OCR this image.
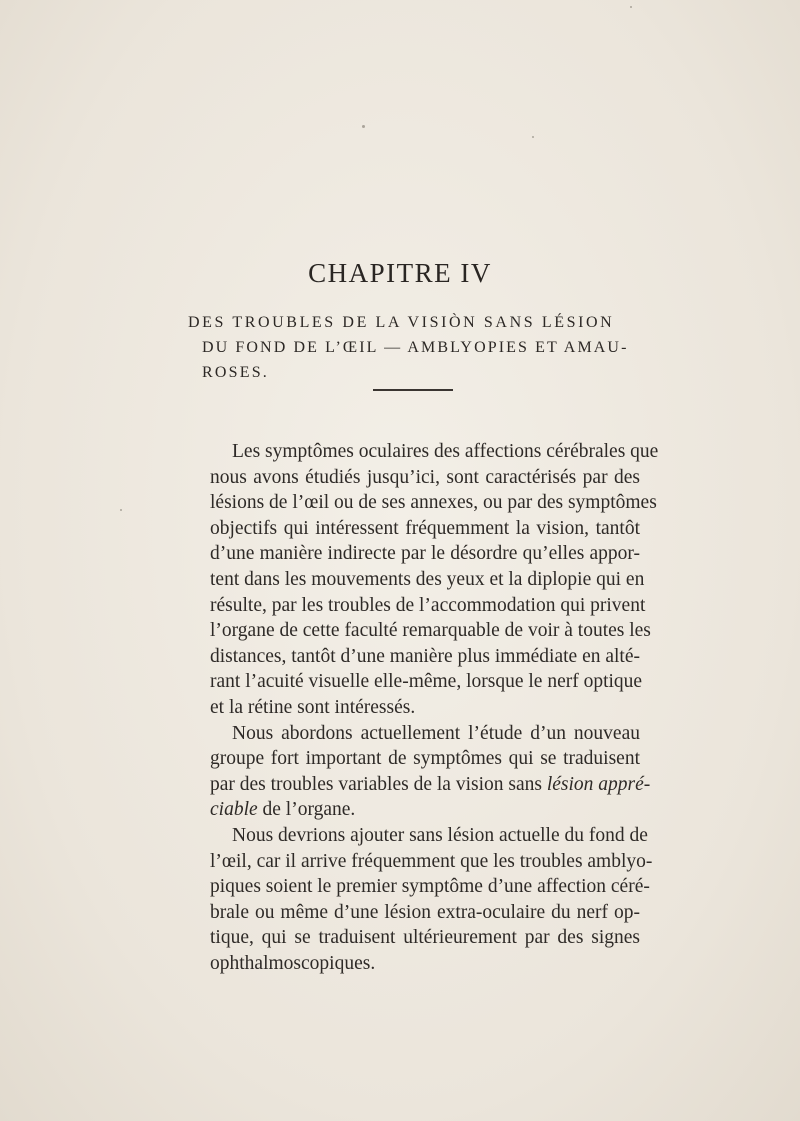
CHAPITRE IV
DES TROUBLES DE LA VISIÒN SANS LÉSION
DU FOND DE L’ŒIL — AMBLYOPIES ET AMAU-
ROSES.

Les symptômes oculaires des affections cérébrales que
nous avons étudiés jusqu’ici, sont caractérisés par des
lésions de l’œil ou de ses annexes, ou par des symptômes
objectifs qui intéressent fréquemment la vision, tantôt
d’une manière indirecte par le désordre qu’elles appor-
tent dans les mouvements des yeux et la diplopie qui en
résulte, par les troubles de l’accommodation qui privent
l’organe de cette faculté remarquable de voir à toutes les
distances, tantôt d’une manière plus immédiate en alté-
rant l’acuité visuelle elle-même, lorsque le nerf optique
et la rétine sont intéressés.

Nous abordons actuellement l’étude d’un nouveau
groupe fort important de symptômes qui se traduisent
par des troubles variables de la vision sans lésion appré-
ciable de l’organe.

Nous devrions ajouter sans lésion actuelle du fond de
l’œil, car il arrive fréquemment que les troubles amblyo-
piques soient le premier symptôme d’une affection céré-
brale ou même d’une lésion extra-oculaire du nerf op-
tique, qui se traduisent ultérieurement par des signes
ophthalmoscopiques.
